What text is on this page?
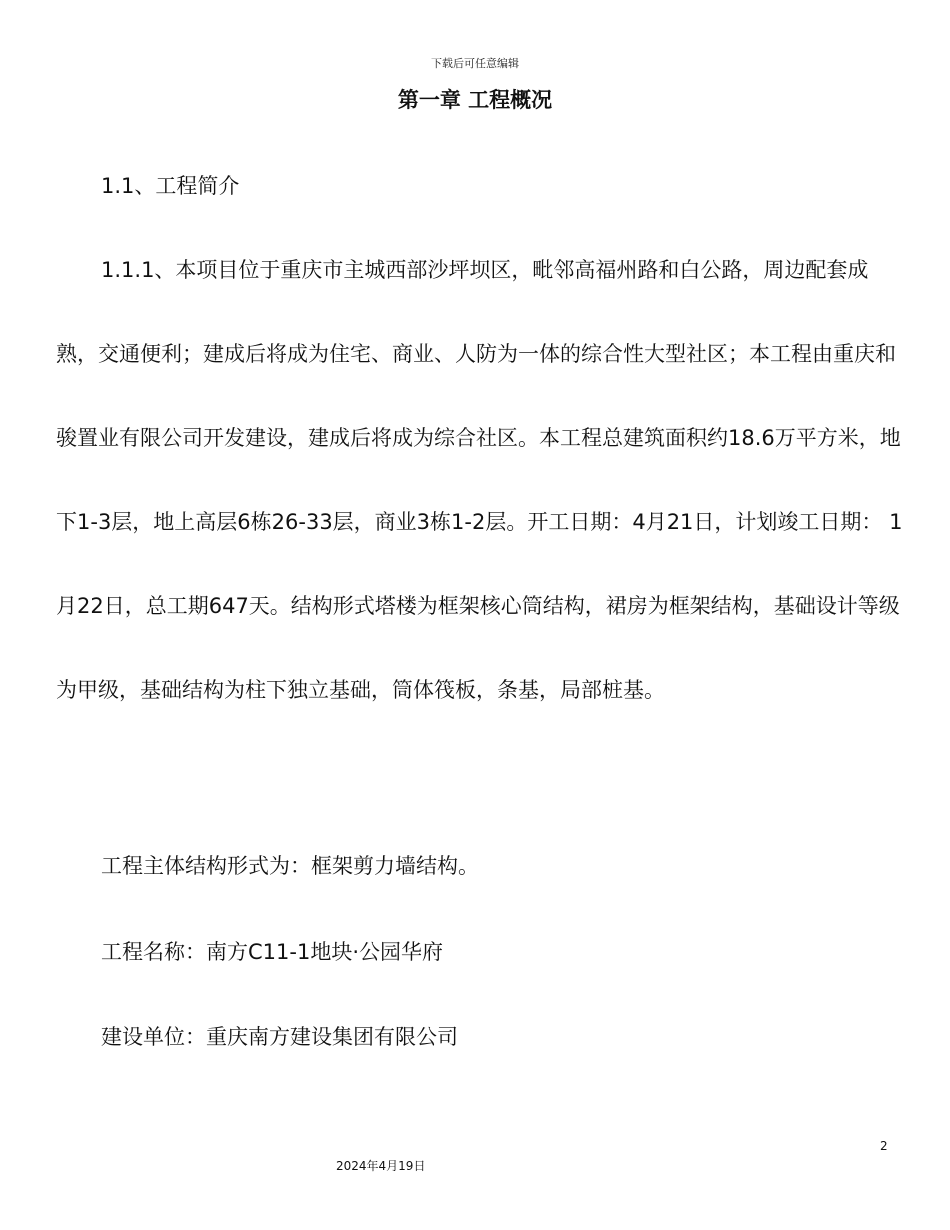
下载后可任意编辑
第一章 工程概况
1.1、工程简介

1.1.1、本项目位于重庆市主城西部沙坪坝区，毗邻高福州路和白公路，周边配套成熟，交通便利；建成后将成为住宅、商业、人防为一体的综合性大型社区；本工程由重庆和骏置业有限公司开发建设，建成后将成为综合社区。本工程总建筑面积约18.6万平方米，地下1-3层，地上高层6栋26-33层，商业3栋1-2层。开工日期：4月21日，计划竣工日期： 1月22日，总工期647天。结构形式塔楼为框架核心筒结构，裙房为框架结构，基础设计等级为甲级，基础结构为柱下独立基础，筒体筏板，条基，局部桩基。

工程主体结构形式为：框架剪力墙结构。

工程名称：南方C11-1地块·公园华府

建设单位：重庆南方建设集团有限公司

2
2024年4月19日
